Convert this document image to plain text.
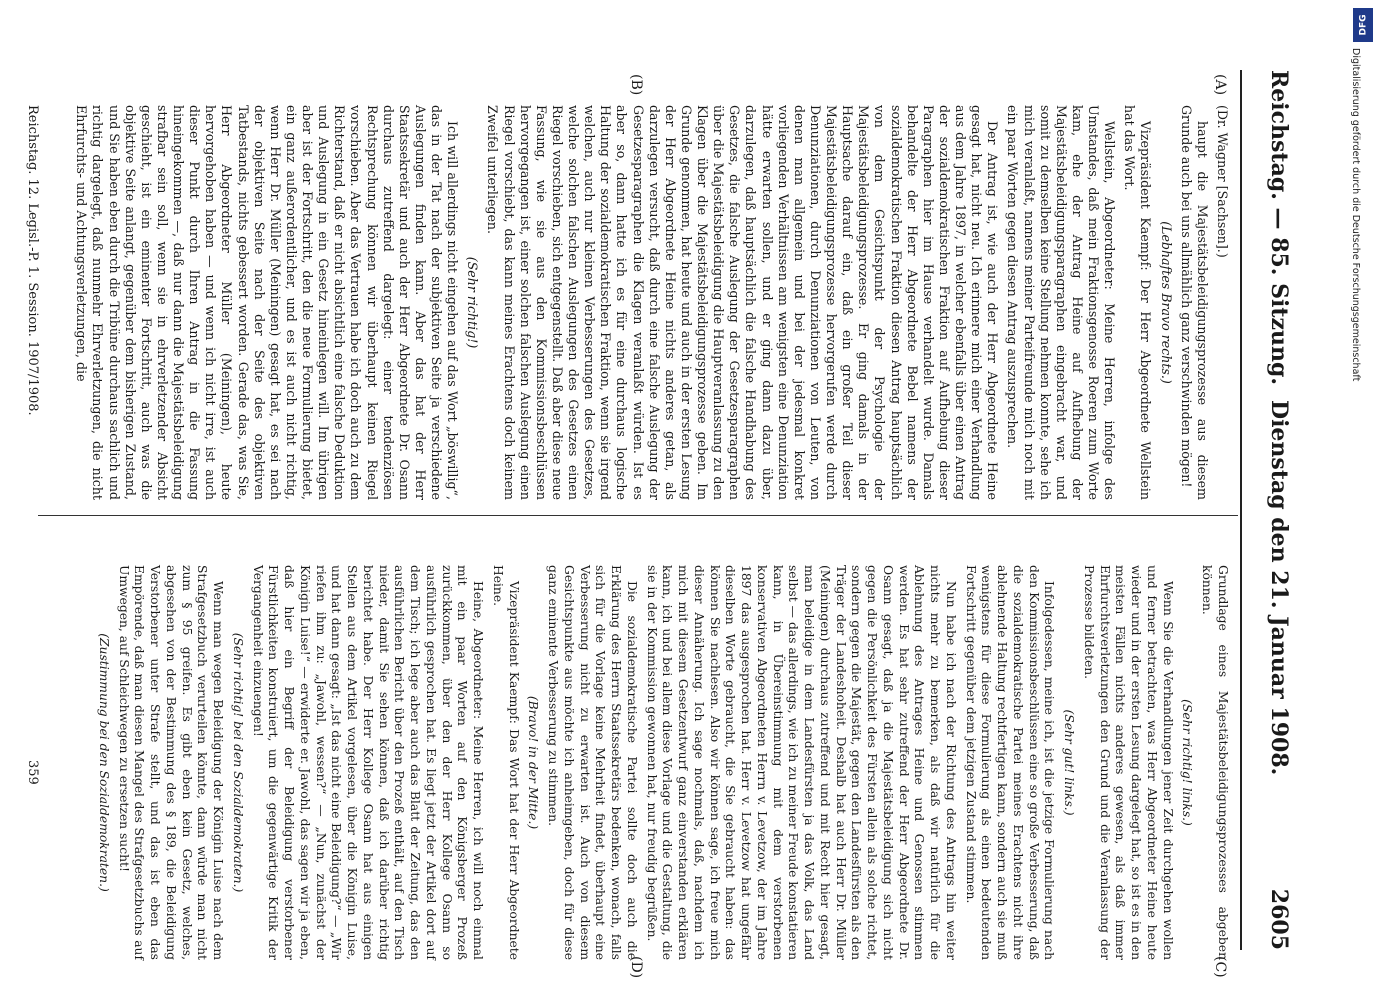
Reichstag. — 85. Sitzung.
Dienstag den 21. Januar 1908.
2605
(A)
(B)
(C)
(D)

(Dr. Wagner [Sachsen].)

haupt die Majestätsbeleidigungsprozesse aus diesem Grunde auch bei uns allmählich ganz verschwinden mögen!

(Lebhaftes Bravo rechts.)

Vizepräsident Kaempf: Der Herr Abgeordnete Wellstein hat das Wort.

Wellstein, Abgeordneter: Meine Herren, infolge des Umstandes, daß mein Fraktionsgenosse Roeren zum Worte kam, ehe der Antrag Heine auf Aufhebung der Majestätsbeleidigungsparagraphen eingebracht war, und somit zu demselben keine Stellung nehmen konnte, sehe ich mich veranlaßt, namens meiner Parteifreunde mich noch mit ein paar Worten gegen diesen Antrag auszusprechen.

Der Antrag ist, wie auch der Herr Abgeordnete Heine gesagt hat, nicht neu. Ich erinnere mich einer Verhandlung aus dem Jahre 1897, in welcher ebenfalls über einen Antrag der sozialdemokratischen Fraktion auf Aufhebung dieser Paragraphen hier im Hause verhandelt wurde. Damals behandelte der Herr Abgeordnete Bebel namens der sozialdemokratischen Fraktion diesen Antrag hauptsächlich von dem Gesichtspunkt der Psychologie der Majestätsbeleidigungsprozesse. Er ging damals in der Hauptsache darauf ein, daß ein großer Teil dieser Majestätsbeleidigungsprozesse hervorgerufen werde durch Denunziationen, durch Denunziationen von Leuten, von denen man allgemein und bei der jedesmal konkret vorliegenden Verhältnissen am wenigsten eine Denunziation hätte erwarten sollen, und er ging dann dazu über, darzulegen, daß hauptsächlich die falsche Handhabung des Gesetzes, die falsche Auslegung der Gesetzesparagraphen über die Majestätsbeleidigung die Hauptveranlassung zu den Klagen über die Majestätsbeleidigungsprozesse geben. Im Grunde genommen, hat heute und auch in der ersten Lesung der Herr Abgeordnete Heine nichts anderes getan, als darzulegen versucht, daß durch eine falsche Auslegung der Gesetzesparagraphen die Klagen veranlaßt würden. Ist es aber so, dann hatte ich es für eine durchaus logische Haltung der sozialdemokratischen Fraktion, wenn sie irgend welchen, auch nur kleinen Verbesserungen des Gesetzes, welche solchen falschen Auslegungen des Gesetzes einen Riegel vorschieben, sich entgegenstellt. Daß aber diese neue Fassung, wie sie aus den Kommissionsbeschlüssen hervorgegangen ist, einer solchen falschen Auslegung einen Riegel vorschiebt, das kann meines Erachtens doch keinem Zweifel unterliegen.

(Sehr richtig!)

Ich will allerdings nicht eingehen auf das Wort „böswillig“, das in der Tat nach der subjektiven Seite ja verschiedene Auslegungen finden kann. Aber das hat der Herr Staatssekretär und auch der Herr Abgeordnete Dr. Osann durchaus zutreffend dargelegt: einer tendenziösen Rechtsprechung können wir überhaupt keinen Riegel vorschieben. Aber das Vertrauen habe ich doch auch zu dem Richterstand, daß er nicht absichtlich eine falsche Deduktion und Auslegung in ein Gesetz hineinlegen will. Im übrigen aber ist der Fortschritt, den die neue Formulierung bietet, ein ganz außerordentlicher, und es ist auch nicht richtig, wenn Herr Dr. Müller (Meiningen) gesagt hat, es sei nach der objektiven Seite nach der Seite des objektiven Tatbestands, nichts gebessert worden. Gerade das, was Sie, Herr Abgeordneter Müller (Meiningen), heute hervorgehoben haben — und wenn ich nicht irre, ist auch dieser Punkt durch Ihren Antrag in die Fassung hineingekommen —, daß nur dann die Majestätsbeleidigung strafbar sein soll, wenn sie in ehrverletzender Absicht geschieht, ist ein eminenter Fortschritt, auch was die objektive Seite anlangt, gegenüber dem bisherigen Zustand, und Sie haben eben durch die Tribüne durchaus sachlich und richtig dargelegt, daß nunmehr Ehrverletzungen, die nicht Ehrfurchts- und Achtungsverletzungen, die

Grundlage eines Majestätsbeleidigungsprozesses abgeben können.

(Sehr richtig! links.)

Wenn Sie die Verhandlungen jener Zeit durchgehen wollen und ferner betrachten, was Herr Abgeordneter Heine heute wieder und in der ersten Lesung dargelegt hat, so ist es in den meisten Fällen nichts anderes gewesen, als daß immer Ehrfurchtsverletzungen den Grund und die Veranlassung der Prozesse bildeten.

(Sehr gut! links.)

Infolgedessen, meine ich, ist die jetzige Formulierung nach den Kommissionsbeschlüssen eine so große Verbesserung, daß die sozialdemokratische Partei meines Erachtens nicht ihre ablehnende Haltung rechtfertigen kann, sondern auch sie muß wenigstens für diese Formulierung als einen bedeutenden Fortschritt gegenüber dem jetzigen Zustand stimmen.

Nun habe ich nach der Richtung des Antrags hin weiter nichts mehr zu bemerken, als daß wir natürlich für die Ablehnung des Antrages Heine und Genossen stimmen werden. Es hat sehr zutreffend der Herr Abgeordnete Dr. Osann gesagt, daß ja die Majestätsbeleidigung sich nicht gegen die Persönlichkeit des Fürsten allein als solche richtet, sondern gegen die Majestät, gegen den Landesfürsten als den Träger der Landeshoheit. Deshalb hat auch Herr Dr. Müller (Meiningen) durchaus zutreffend und mit Recht hier gesagt, man beleidige in dem Landesfürsten ja das Volk, das Land selbst — das allerdings, wie ich zu meiner Freude konstatieren kann, in Übereinstimmung mit dem verstorbenen konservativen Abgeordneten Herrn v. Levetzow, der im Jahre 1897 das ausgesprochen hat. Herr v. Levetzow hat ungefähr dieselben Worte gebraucht, die Sie gebraucht haben: das können Sie nachlesen. Also wir können sage, ich freue mich dieser Annäherung. Ich sage nochmals, daß, nachdem ich mich mit diesem Gesetzentwurf ganz einverstanden erklären kann, ich und bei allem diese Vorlage und die Gestaltung, die sie in der Kommission gewonnen hat, nur freudig begrüßen.

Die sozialdemokratische Partei sollte doch auch die Erklärung des Herrn Staatssekretärs bedenken, wonach, falls sich für die Vorlage keine Mehrheit findet, überhaupt eine Verbesserung nicht zu erwarten ist. Auch von diesem Gesichtspunkte aus möchte ich anheimgeben, doch für diese ganz eminente Verbesserung zu stimmen.

(Bravo! in der Mitte.)

Vizepräsident Kaempf: Das Wort hat der Herr Abgeordnete Heine.

Heine, Abgeordneter: Meine Herren, ich will noch einmal mit ein paar Worten auf den Königsberger Prozeß zurückkommen, über den der Herr Kollege Osann so ausführlich gesprochen hat. Es liegt jetzt der Artikel dort auf dem Tisch; ich lege aber auch das Blatt der Zeitung, das den ausführlichen Bericht über den Prozeß enthält, auf den Tisch nieder, damit Sie sehen können, daß ich darüber richtig berichtet habe. Der Herr Kollege Osann hat aus einigen Stellen aus dem Artikel vorgelesen, über die Königin Luise, und hat dann gesagt: „Ist das nicht eine Beleidigung?“ — „Wir riefen ihm zu: „Jawohl, wessen?“ — „Nun, zunächst der Königin Luise!“ — erwiderte er. Jawohl, das sagen wir ja eben, daß hier ein Begriff der Beleidigung verstorbener Fürstlichkeiten konstruiert, um die gegenwärtige Kritik der Vergangenheit einzuengen!

(Sehr richtig! bei den Sozialdemokraten.)

Wenn man wegen Beleidigung der Königin Luise nach dem Strafgesetzbuch verurteilen könnte, dann würde man nicht zum § 95 greifen. Es gibt eben kein Gesetz, welches, abgesehen von der Bestimmung des § 189, die Beleidigung Verstorbener unter Strafe stellt, und das ist eben das Empörende, daß man diesen Mangel des Strafgesetzbuchs auf Umwegen, auf Schleichwegen zu ersetzen sucht!

(Zustimmung bei den Sozialdemokraten.)

Reichstag. 12. Legisl.-P. 1. Session. 1907/1908.
359
DFG
Digitalisierung gefördert durch die Deutsche Forschungsgemeinschaft
